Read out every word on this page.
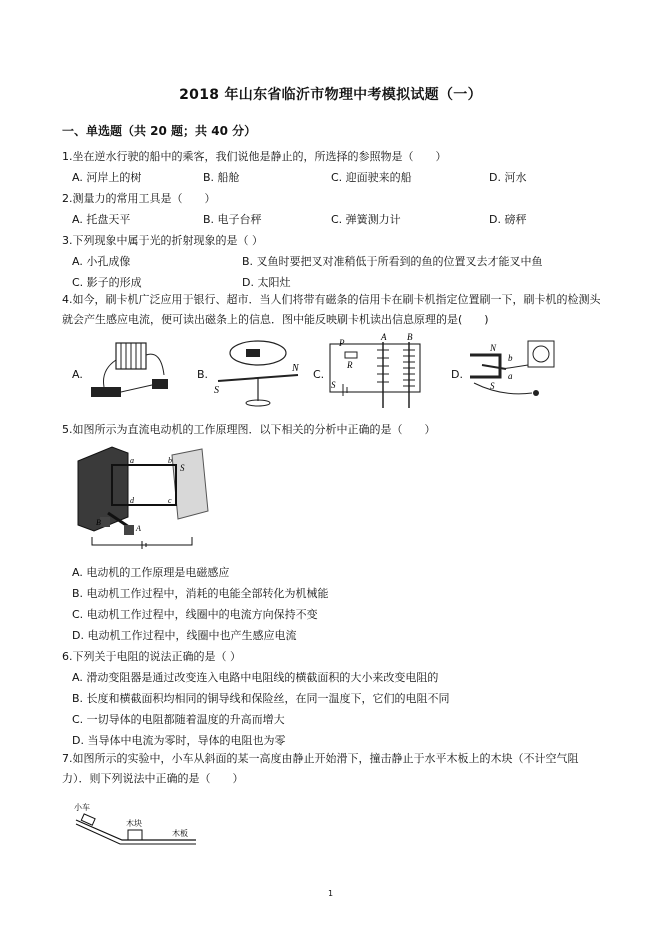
2018 年山东省临沂市物理中考模拟试题（一）
一、单选题（共 20 题；共 40 分）
1.坐在逆水行驶的船中的乘客，我们说他是静止的，所选择的参照物是（　　）
A. 河岸上的树	B. 船舱	C. 迎面驶来的船	D. 河水
2.测量力的常用工具是（　　）
A. 托盘天平	B. 电子台秤	C. 弹簧测力计	D. 磅秤
3.下列现象中属于光的折射现象的是（ ）
A. 小孔成像	B. 叉鱼时要把叉对准稍低于所看到的鱼的位置叉去才能叉中鱼
C. 影子的形成	D. 太阳灶
4.如今，刷卡机广泛应用于银行、超市．当人们将带有磁条的信用卡在刷卡机指定位置刷一下，刷卡机的检测头就会产生感应电流，便可读出磁条上的信息．图中能反映刷卡机读出信息原理的是(　　)
A.	B.
S
N C.
P
R
A B
S
D.
N
b
a
S
5.如图所示为直流电动机的工作原理图．以下相关的分析中正确的是（　　）
S
a	b
c
d
B
A
A. 电动机的工作原理是电磁感应
B. 电动机工作过程中，消耗的电能全部转化为机械能
C. 电动机工作过程中，线圈中的电流方向保持不变
D. 电动机工作过程中，线圈中也产生感应电流
6.下列关于电阻的说法正确的是（ ）
A. 滑动变阻器是通过改变连入电路中电阻线的横截面积的大小来改变电阻的
B. 长度和横截面积均相同的铜导线和保险丝，在同一温度下，它们的电阻不同
C. 一切导体的电阻都随着温度的升高而增大
D. 当导体中电流为零时，导体的电阻也为零
7.如图所示的实验中，小车从斜面的某一高度由静止开始滑下，撞击静止于水平木板上的木块（不计空气阻力）．则下列说法中正确的是（　　）
小车
木块
木板
1
